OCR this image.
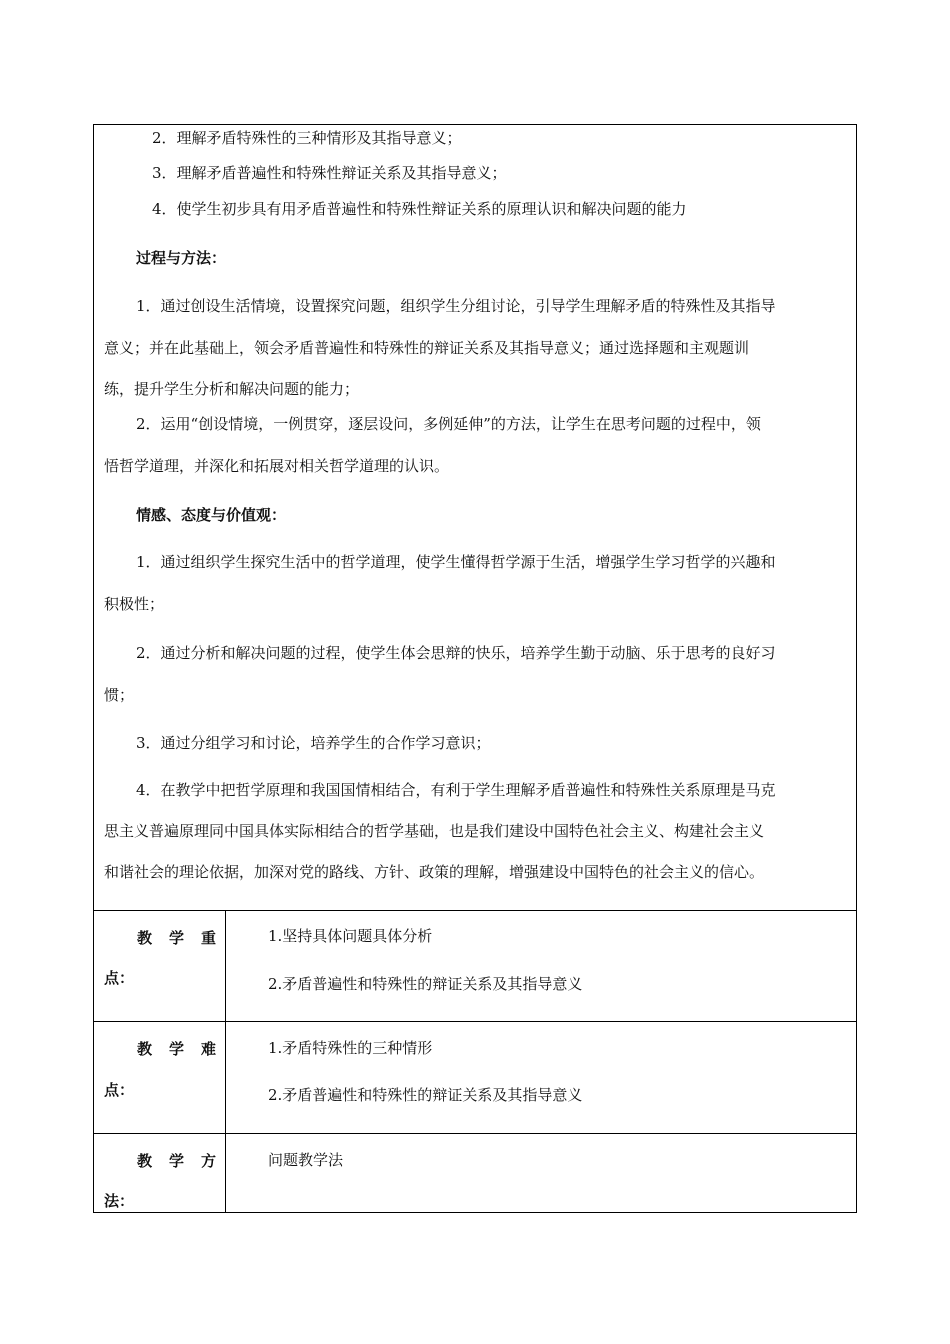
2．理解矛盾特殊性的三种情形及其指导意义；
3．理解矛盾普遍性和特殊性辩证关系及其指导意义；
4．使学生初步具有用矛盾普遍性和特殊性辩证关系的原理认识和解决问题的能力
过程与方法：
1．通过创设生活情境，设置探究问题，组织学生分组讨论，引导学生理解矛盾的特殊性及其指导
意义；并在此基础上，领会矛盾普遍性和特殊性的辩证关系及其指导意义；通过选择题和主观题训
练，提升学生分析和解决问题的能力；
2．运用“创设情境，一例贯穿，逐层设问，多例延伸”的方法，让学生在思考问题的过程中，领
悟哲学道理，并深化和拓展对相关哲学道理的认识。
情感、态度与价值观：
1．通过组织学生探究生活中的哲学道理，使学生懂得哲学源于生活，增强学生学习哲学的兴趣和
积极性；
2．通过分析和解决问题的过程，使学生体会思辩的快乐，培养学生勤于动脑、乐于思考的良好习
惯；
3．通过分组学习和讨论，培养学生的合作学习意识；
4．在教学中把哲学原理和我国国情相结合，有利于学生理解矛盾普遍性和特殊性关系原理是马克
思主义普遍原理同中国具体实际相结合的哲学基础，也是我们建设中国特色社会主义、构建社会主义
和谐社会的理论依据，加深对党的路线、方针、政策的理解，增强建设中国特色的社会主义的信心。
教学重
点：
1.坚持具体问题具体分析
2.矛盾普遍性和特殊性的辩证关系及其指导意义
教学难
点：
1.矛盾特殊性的三种情形
2.矛盾普遍性和特殊性的辩证关系及其指导意义
教学方
法：
问题教学法
